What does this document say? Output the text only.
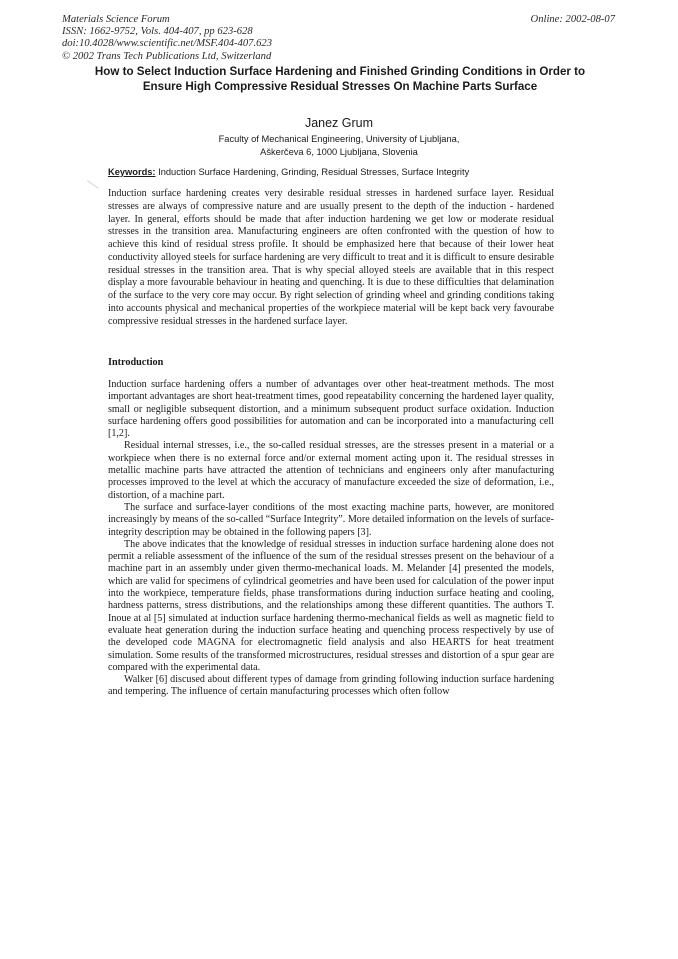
Materials Science Forum
ISSN: 1662-9752, Vols. 404-407, pp 623-628
doi:10.4028/www.scientific.net/MSF.404-407.623
© 2002 Trans Tech Publications Ltd, Switzerland
Online: 2002-08-07
How to Select Induction Surface Hardening and Finished Grinding Conditions in Order to Ensure High Compressive Residual Stresses On Machine Parts Surface
Janez Grum
Faculty of Mechanical Engineering, University of Ljubljana,
Aškerčeva 6, 1000 Ljubljana, Slovenia
Keywords: Induction Surface Hardening, Grinding, Residual Stresses, Surface Integrity

Induction surface hardening creates very desirable residual stresses in hardened surface layer. Residual stresses are always of compressive nature and are usually present to the depth of the induction - hardened layer. In general, efforts should be made that after induction hardening we get low or moderate residual stresses in the transition area. Manufacturing engineers are often confronted with the question of how to achieve this kind of residual stress profile. It should be emphasized here that because of their lower heat conductivity alloyed steels for surface hardening are very difficult to treat and it is difficult to ensure desirable residual stresses in the transition area. That is why special alloyed steels are available that in this respect display a more favourable behaviour in heating and quenching. It is due to these difficulties that delamination of the surface to the very core may occur. By right selection of grinding wheel and grinding conditions taking into accounts physical and mechanical properties of the workpiece material will be kept back very favourabe compressive residual stresses in the hardened surface layer.

Introduction

Induction surface hardening offers a number of advantages over other heat-treatment methods. The most important advantages are short heat-treatment times, good repeatability concerning the hardened layer quality, small or negligible subsequent distortion, and a minimum subsequent product surface oxidation. Induction surface hardening offers good possibilities for automation and can be incorporated into a manufacturing cell [1,2].

Residual internal stresses, i.e., the so-called residual stresses, are the stresses present in a material or a workpiece when there is no external force and/or external moment acting upon it. The residual stresses in metallic machine parts have attracted the attention of technicians and engineers only after manufacturing processes improved to the level at which the accuracy of manufacture exceeded the size of deformation, i.e., distortion, of a machine part.

The surface and surface-layer conditions of the most exacting machine parts, however, are monitored increasingly by means of the so-called “Surface Integrity”. More detailed information on the levels of surface-integrity description may be obtained in the following papers [3].

The above indicates that the knowledge of residual stresses in induction surface hardening alone does not permit a reliable assessment of the influence of the sum of the residual stresses present on the behaviour of a machine part in an assembly under given thermo-mechanical loads. M. Melander [4] presented the models, which are valid for specimens of cylindrical geometries and have been used for calculation of the power input into the workpiece, temperature fields, phase transformations during induction surface heating and cooling, hardness patterns, stress distributions, and the relationships among these different quantities. The authors T. Inoue at al [5] simulated at induction surface hardening thermo-mechanical fields as well as magnetic field to evaluate heat generation during the induction surface heating and quenching process respectively by use of the developed code MAGNA for electromagnetic field analysis and also HEARTS for heat treatment simulation. Some results of the transformed microstructures, residual stresses and distortion of a spur gear are compared with the experimental data.

Walker [6] discused about different types of damage from grinding following induction surface hardening and tempering. The influence of certain manufacturing processes which often follow
